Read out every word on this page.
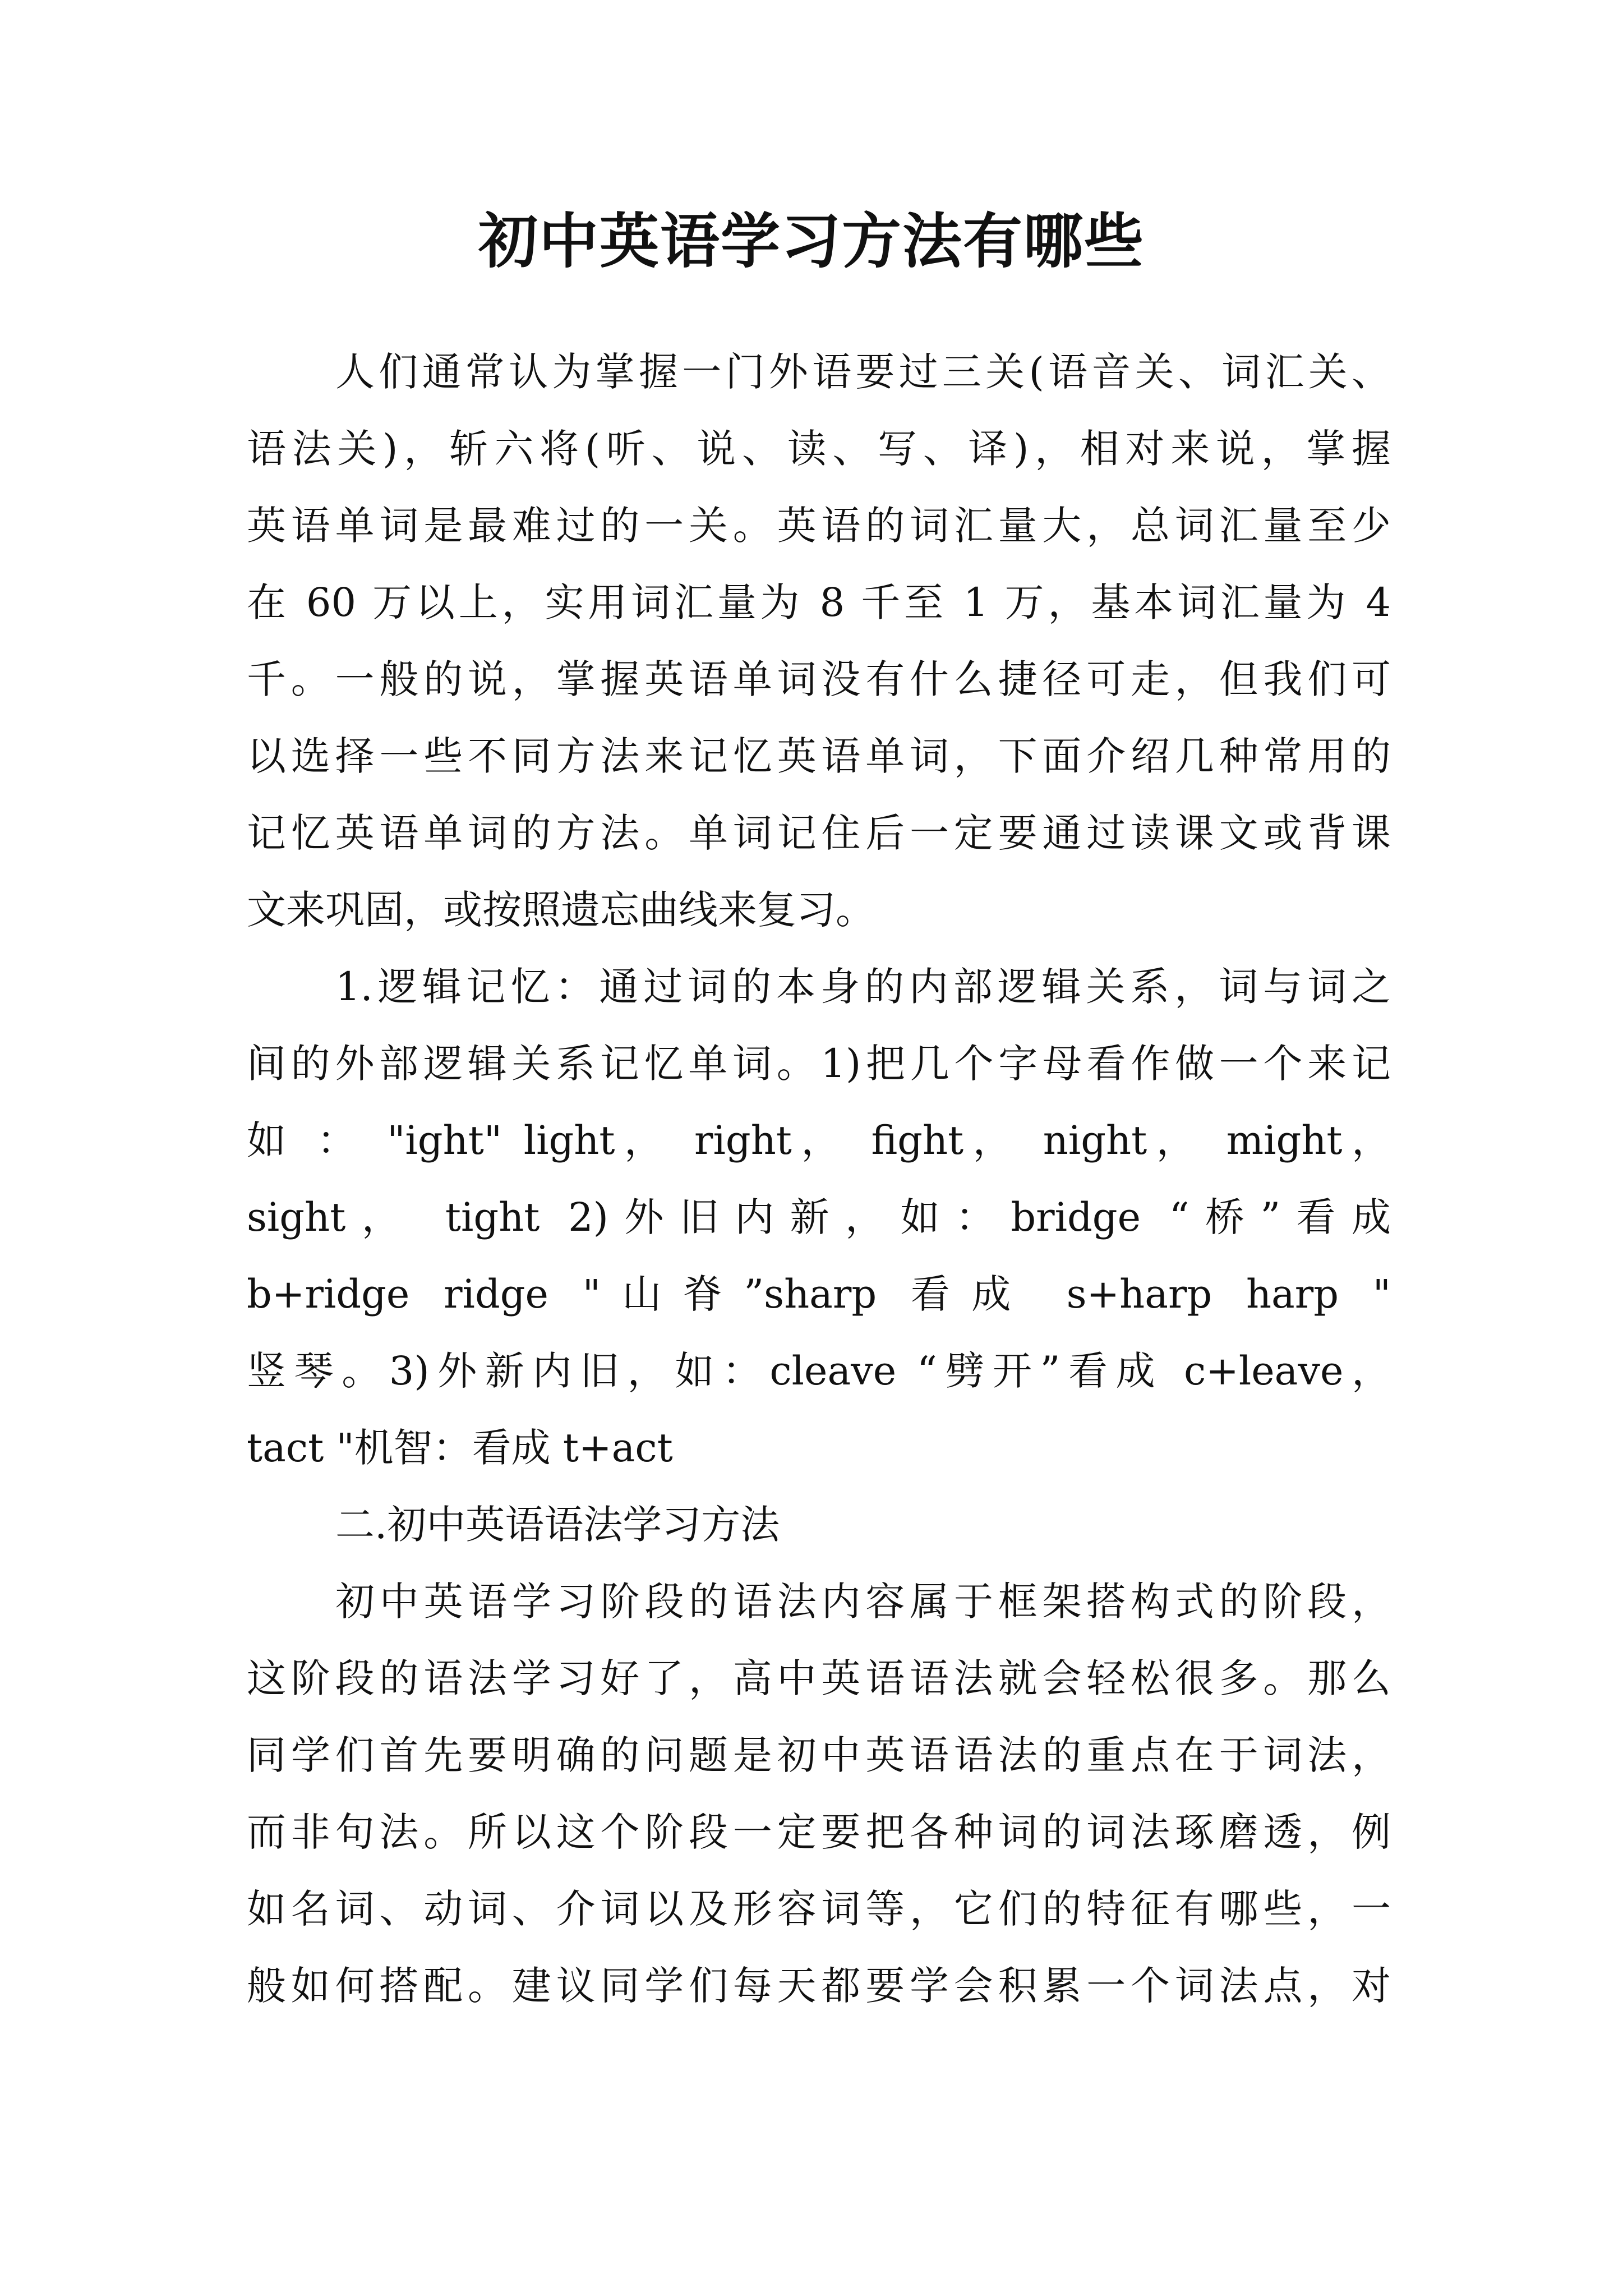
初中英语学习方法有哪些
人们通常认为掌握一门外语要过三关(语音关、词汇关、
语法关)，斩六将(听、说、读、写、译)，相对来说，掌握
英语单词是最难过的一关。英语的词汇量大，总词汇量至少
在 60 万以上，实用词汇量为 8 千至 1 万，基本词汇量为 4
千。一般的说，掌握英语单词没有什么捷径可走，但我们可
以选择一些不同方法来记忆英语单词，下面介绍几种常用的
记忆英语单词的方法。单词记住后一定要通过读课文或背课
文来巩固，或按照遗忘曲线来复习。
1.逻辑记忆：通过词的本身的内部逻辑关系，词与词之
间的外部逻辑关系记忆单词。1)把几个字母看作做一个来记
如 ： "ight" light， right， fight， night， might，
sight， tight 2)外旧内新，如：bridge “桥”看成
b+ridge ridge "山脊”sharp 看成 s+harp harp "
竖琴。3)外新内旧，如：cleave “劈开”看成 c+leave，
tact "机智：看成 t+act
二.初中英语语法学习方法
初中英语学习阶段的语法内容属于框架搭构式的阶段，
这阶段的语法学习好了，高中英语语法就会轻松很多。那么
同学们首先要明确的问题是初中英语语法的重点在于词法，
而非句法。所以这个阶段一定要把各种词的词法琢磨透，例
如名词、动词、介词以及形容词等，它们的特征有哪些，一
般如何搭配。建议同学们每天都要学会积累一个词法点，对
